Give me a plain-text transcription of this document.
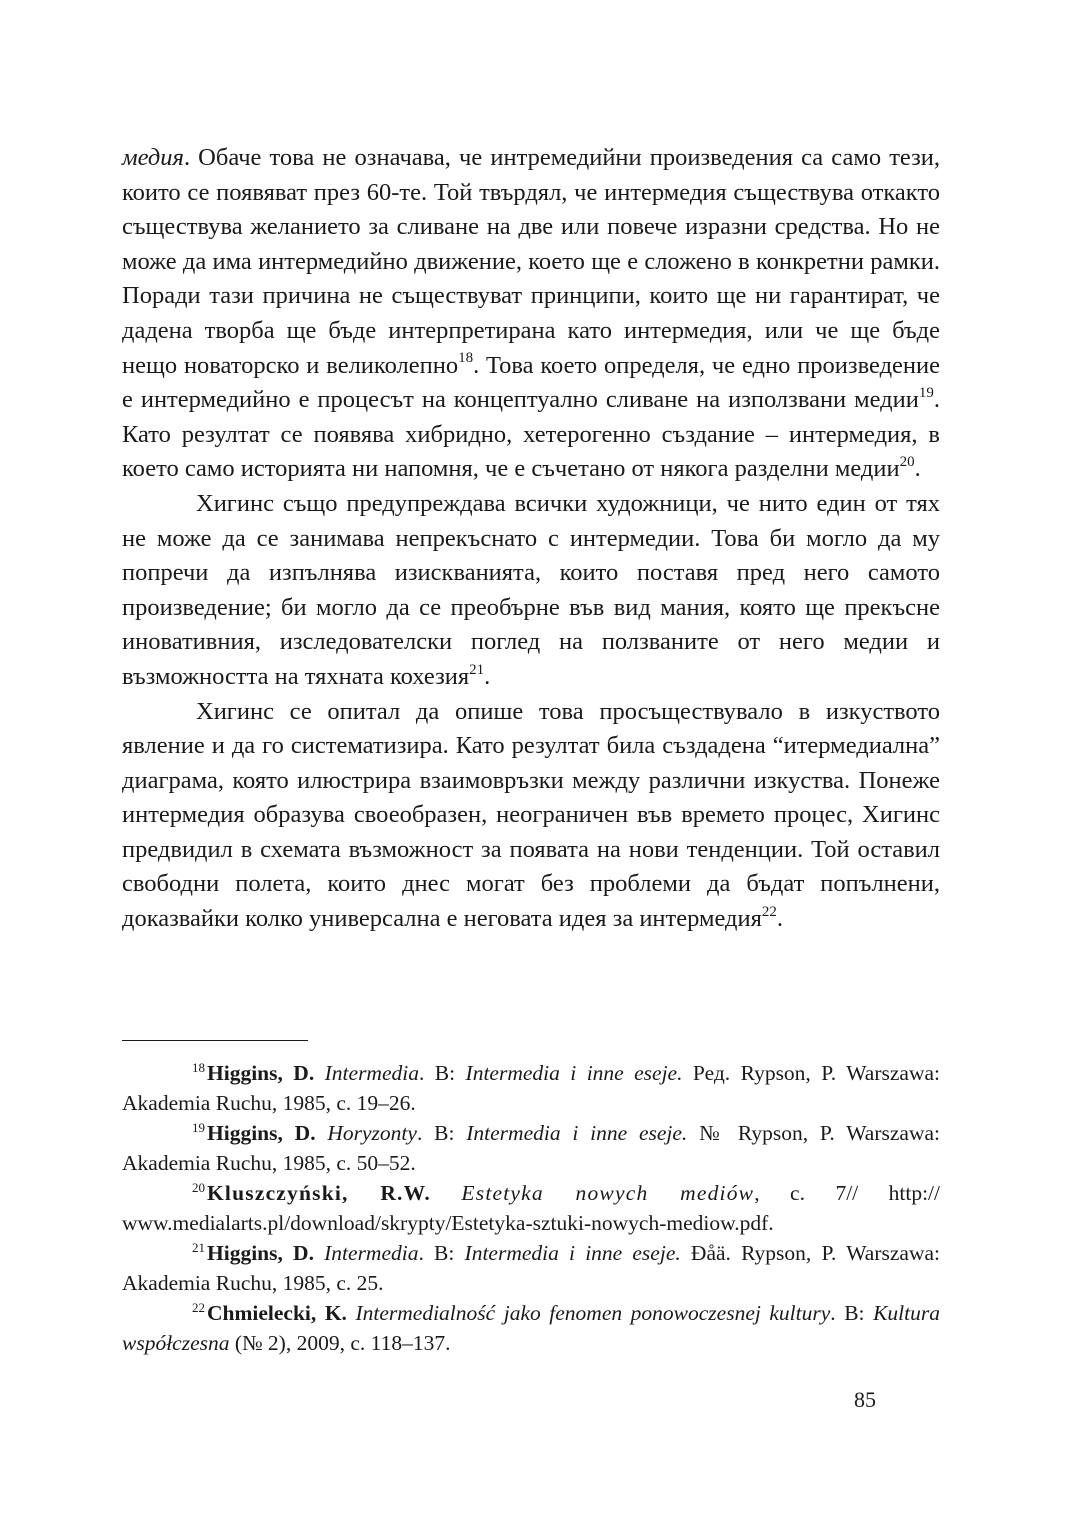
медия. Обаче това не означава, че интремедийни произведения са само тези, които се появяват през 60-те. Той твърдял, че интермедия съществува откакто съществува желанието за сливане на две или повече изразни средства. Но не може да има интермедийно движение, което ще е сложено в конкретни рамки. Поради тази причина не съществуват принципи, които ще ни гарантират, че дадена творба ще бъде интерпретирана като интермедия, или че ще бъде нещо новаторско и великолепно$^{18}$. Това което определя, че едно произведение е интермедийно е процесът на концептуално сливане на използвани медии$^{19}$. Като резултат се появява хибридно, хетерогенно създание – интермедия, в което само историята ни напомня, че е съчетано от някога разделни медии$^{20}$.

Хигинс също предупреждава всички художници, че нито един от тях не може да се занимава непрекъснато с интермедии. Това би могло да му попречи да изпълнява изискванията, които поставя пред него самото произведение; би могло да се преобърне във вид мания, която ще прекъсне иновативния, изследователски поглед на ползваните от него медии и възможността на тяхната кохезия$^{21}$.

Хигинс се опитал да опише това просъществувало в изкуството явление и да го систематизира. Като резултат била създадена “итермедиална” диаграма, която илюстрира взаимовръзки между различни изкуства. Понеже интермедия образува своеобразен, неограничен във времето процес, Хигинс предвидил в схемата възможност за появата на нови тенденции. Той оставил свободни полета, които днес могат без проблеми да бъдат попълнени, доказвайки колко универсална е неговата идея за интермедия$^{22}$.

$^{18}$Higgins, D. Intermedia. В: Intermedia i inne eseje. Ред. Rypson, P. Warszawa: Akademia Ruchu, 1985, с. 19–26.

$^{19}$Higgins, D. Horyzonty. В: Intermedia i inne eseje. № Rypson, P. Warszawa: Akademia Ruchu, 1985, с. 50–52.

$^{20}$Kluszczyński, R.W. Estetyka nowych mediów, c. 7// http:// www.medialarts.pl/download/skrypty/Estetyka-sztuki-nowych-mediow.pdf.

$^{21}$Higgins, D. Intermedia. В: Intermedia i inne eseje. Ðåä. Rypson, P. Warszawa: Akademia Ruchu, 1985, с. 25.

$^{22}$Chmielecki, K. Intermedialność jako fenomen ponowoczesnej kultury. В: Kultura współczesna (№ 2), 2009, с. 118–137.

85
